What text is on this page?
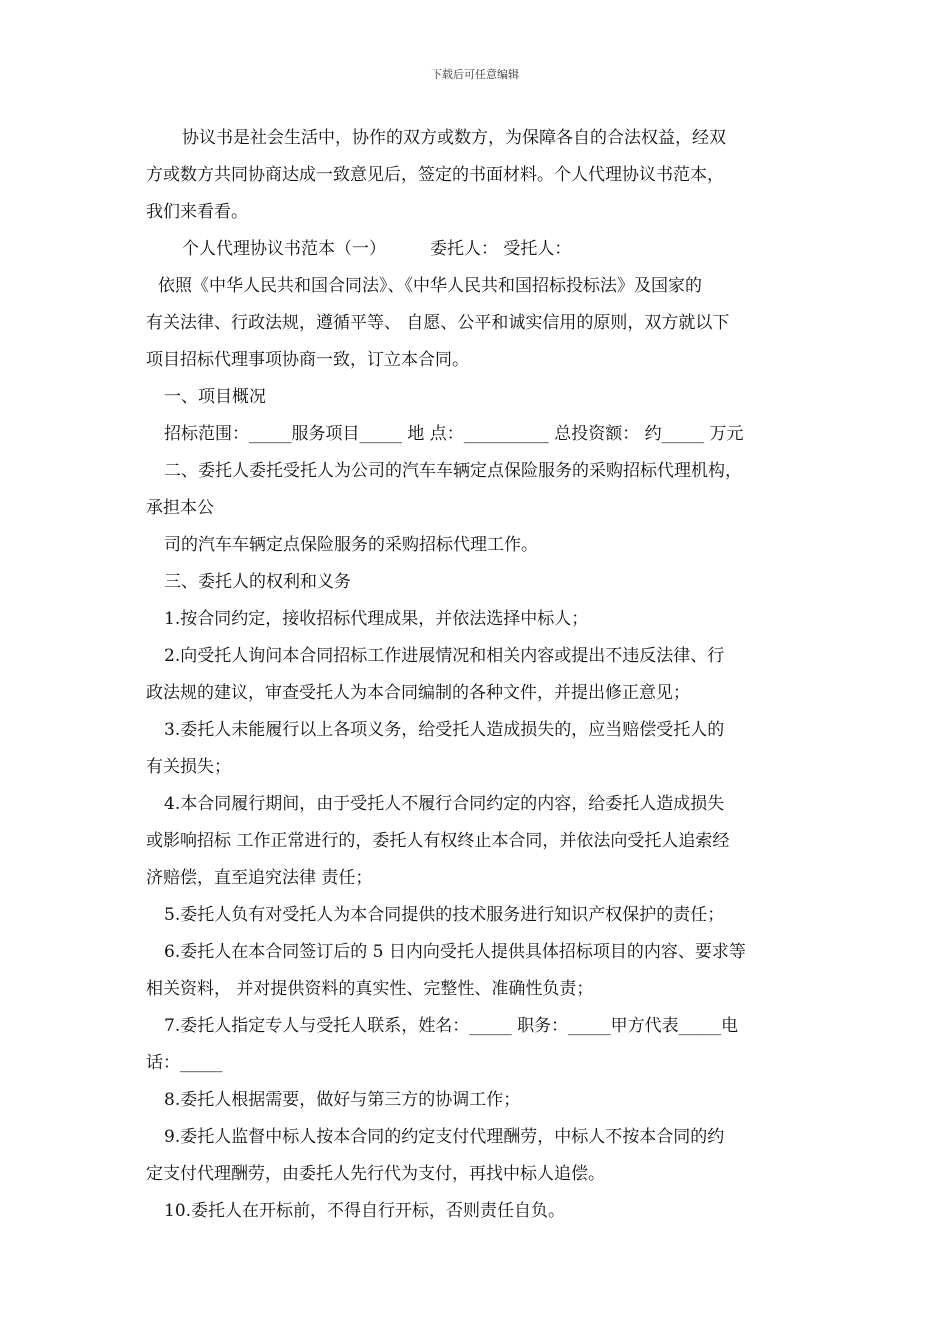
下载后可任意编辑
协议书是社会生活中，协作的双方或数方，为保障各自的合法权益，经双
方或数方共同协商达成一致意见后，签定的书面材料。个人代理协议书范本，
我们来看看。
个人代理协议书范本（一）	委托人： 受托人：
依照《中华人民共和国合同法》、《中华人民共和国招标投标法》及国家的
有关法律、行政法规，遵循平等、 自愿、公平和诚实信用的原则，双方就以下
项目招标代理事项协商一致，订立本合同。
一、项目概况
招标范围：_____服务项目_____ 地 点：__________ 总投资额： 约_____ 万元
二、委托人委托受托人为公司的汽车车辆定点保险服务的采购招标代理机构，
承担本公
司的汽车车辆定点保险服务的采购招标代理工作。
三、委托人的权利和义务
1.按合同约定，接收招标代理成果，并依法选择中标人；
2.向受托人询问本合同招标工作进展情况和相关内容或提出不违反法律、行
政法规的建议，审查受托人为本合同编制的各种文件，并提出修正意见；
3.委托人未能履行以上各项义务，给受托人造成损失的，应当赔偿受托人的
有关损失；
4.本合同履行期间，由于受托人不履行合同约定的内容，给委托人造成损失
或影响招标 工作正常进行的，委托人有权终止本合同，并依法向受托人追索经
济赔偿，直至追究法律 责任；
5.委托人负有对受托人为本合同提供的技术服务进行知识产权保护的责任；
6.委托人在本合同签订后的 5 日内向受托人提供具体招标项目的内容、要求等
相关资料， 并对提供资料的真实性、完整性、准确性负责；
7.委托人指定专人与受托人联系，姓名：_____ 职务：_____甲方代表_____电
话：_____
8.委托人根据需要，做好与第三方的协调工作；
9.委托人监督中标人按本合同的约定支付代理酬劳，中标人不按本合同的约
定支付代理酬劳，由委托人先行代为支付，再找中标人追偿。
10.委托人在开标前，不得自行开标，否则责任自负。
